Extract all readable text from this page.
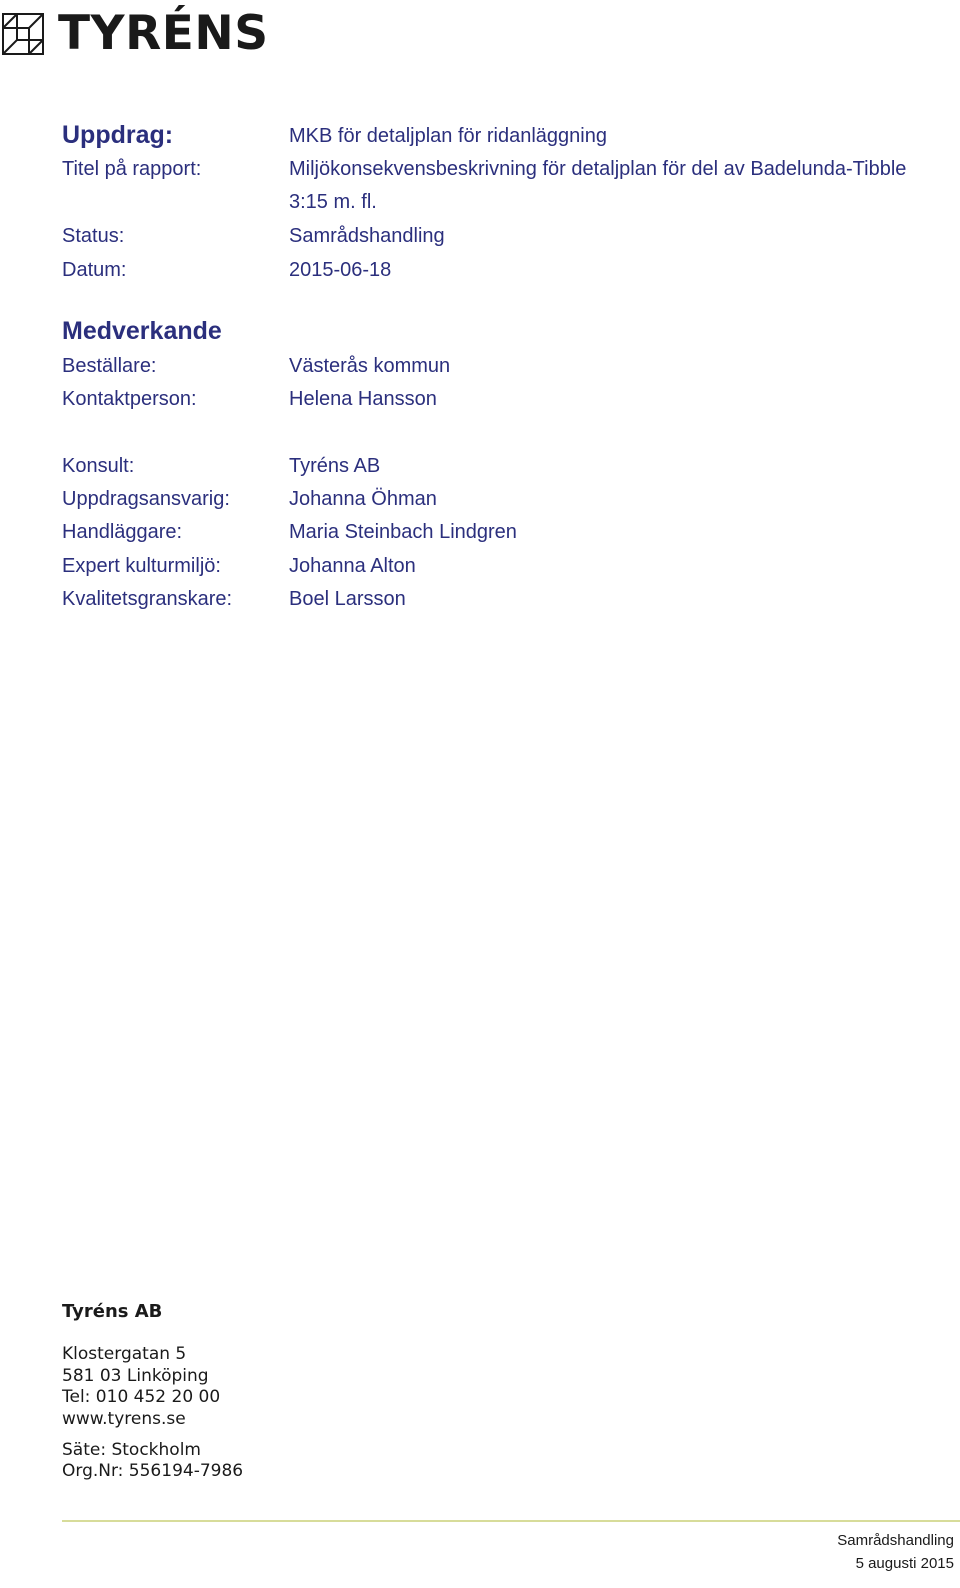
TYRÉNS
Uppdrag:	MKB för detaljplan för ridanläggning
Titel på rapport:	Miljökonsekvensbeskrivning för detaljplan för del av Badelunda-Tibble
3:15 m. fl.
Status:	Samrådshandling
Datum:	2015-06-18
Medverkande
Beställare:	Västerås kommun
Kontaktperson:	Helena Hansson
Konsult:	Tyréns AB
Uppdragsansvarig:	Johanna Öhman
Handläggare:	Maria Steinbach Lindgren
Expert kulturmiljö:	Johanna Alton
Kvalitetsgranskare:	Boel Larsson
Tyréns AB
Klostergatan 5
581 03 Linköping
Tel: 010 452 20 00
www.tyrens.se
Säte: Stockholm
Org.Nr: 556194-7986
Samrådshandling
5 augusti 2015
